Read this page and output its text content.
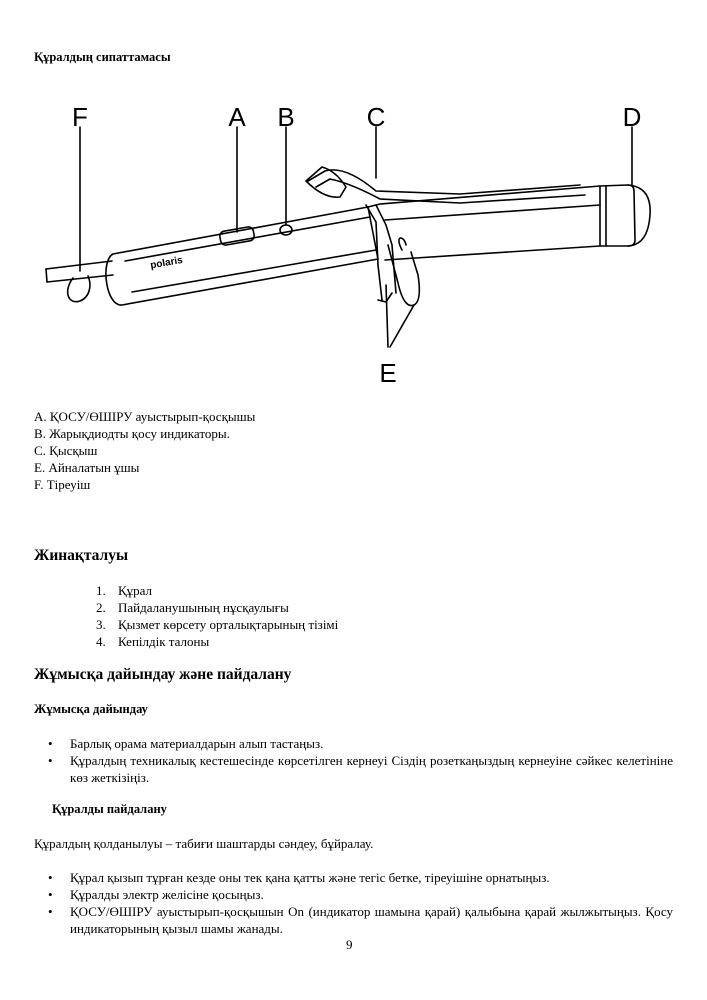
Құралдың сипаттамасы
polaris
F	A B	C	D
E
A. ҚОСУ/ӨШІРУ ауыстырып-қосқышы
B. Жарықдиодты қосу индикаторы.
C. Қысқыш
E. Айналатын ұшы
F. Тіреуіш
Жинақталуы
1. Құрал
2. Пайдаланушының нұсқаулығы
3. Қызмет көрсету орталықтарының тізімі
4. Кепілдік талоны
Жұмысқа дайындау және пайдалану
Жұмысқа дайындау
•	Барлық орама материалдарын алып тастаңыз.
•	Құралдың техникалық кестешесінде көрсетілген кернеуі Сіздің розеткаңыздың кернеуіне сәйкес келетініне көз жеткізіңіз.
Құралды пайдалану
Құралдың қолданылуы – табиғи шаштарды сәндеу, бұйралау.
•	Құрал қызып тұрған кезде оны тек қана қатты және тегіс бетке, тіреуішіне орнатыңыз.
•	Құралды электр желісіне қосыңыз.
•	ҚОСУ/ӨШІРУ ауыстырып-қосқышын On (индикатор шамына қарай) қалыбына қарай жылжытыңыз. Қосу индикаторының қызыл шамы жанады.
9
